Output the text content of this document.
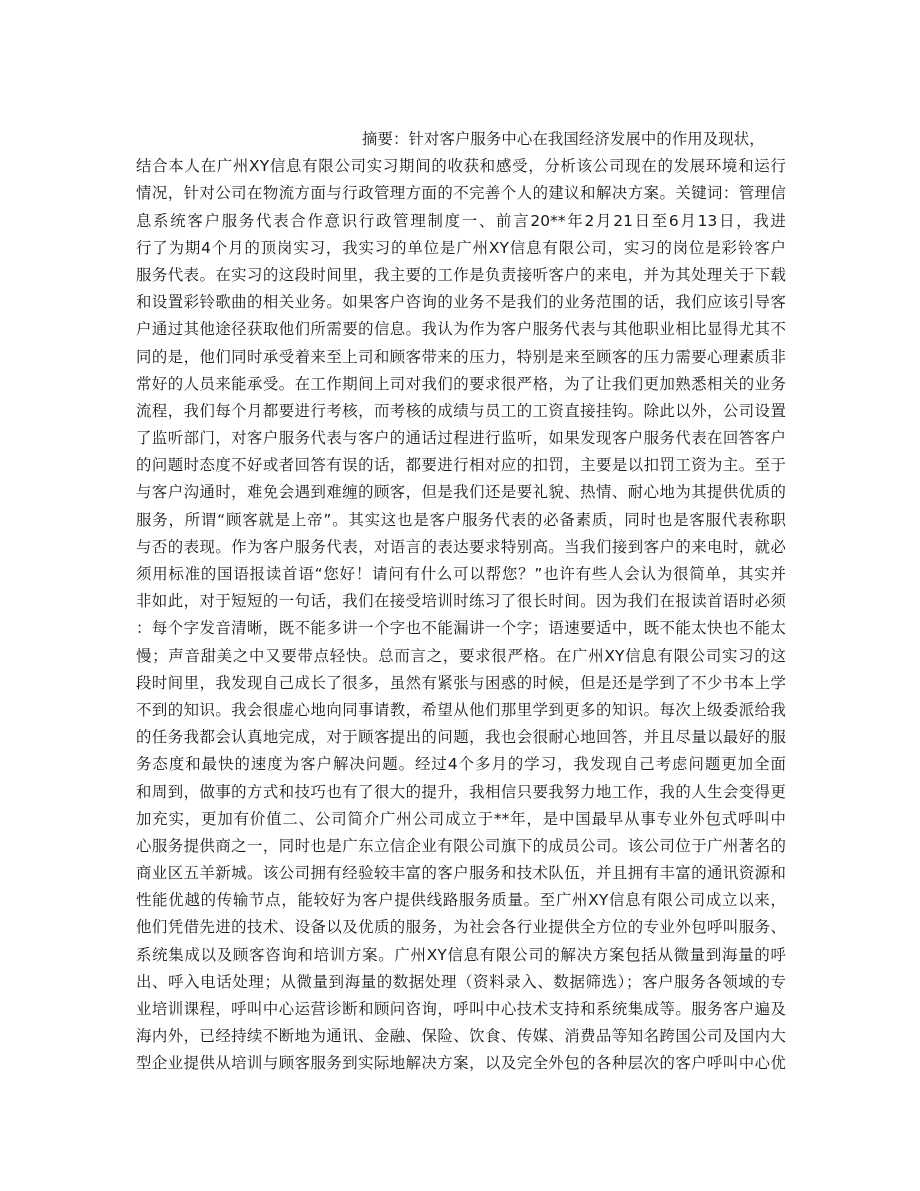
摘要：针对客户服务中心在我国经济发展中的作用及现状，
结合本人在广州XY信息有限公司实习期间的收获和感受，分析该公司现在的发展环境和运行
情况，针对公司在物流方面与行政管理方面的不完善个人的建议和解决方案。关键词：管理信
息系统客户服务代表合作意识行政管理制度一、前言20**年2月21日至6月13日，我进
行了为期4个月的顶岗实习，我实习的单位是广州XY信息有限公司，实习的岗位是彩铃客户
服务代表。在实习的这段时间里，我主要的工作是负责接听客户的来电，并为其处理关于下载
和设置彩铃歌曲的相关业务。如果客户咨询的业务不是我们的业务范围的话，我们应该引导客
户通过其他途径获取他们所需要的信息。我认为作为客户服务代表与其他职业相比显得尤其不
同的是，他们同时承受着来至上司和顾客带来的压力，特别是来至顾客的压力需要心理素质非
常好的人员来能承受。在工作期间上司对我们的要求很严格，为了让我们更加熟悉相关的业务
流程，我们每个月都要进行考核，而考核的成绩与员工的工资直接挂钩。除此以外，公司设置
了监听部门，对客户服务代表与客户的通话过程进行监听，如果发现客户服务代表在回答客户
的问题时态度不好或者回答有误的话，都要进行相对应的扣罚，主要是以扣罚工资为主。至于
与客户沟通时，难免会遇到难缠的顾客，但是我们还是要礼貌、热情、耐心地为其提供优质的
服务，所谓“顾客就是上帝”。其实这也是客户服务代表的必备素质，同时也是客服代表称职
与否的表现。作为客户服务代表，对语言的表达要求特别高。当我们接到客户的来电时，就必
须用标准的国语报读首语“您好！请问有什么可以帮您？”也许有些人会认为很简单，其实并
非如此，对于短短的一句话，我们在接受培训时练习了很长时间。因为我们在报读首语时必须
：每个字发音清晰，既不能多讲一个字也不能漏讲一个字；语速要适中，既不能太快也不能太
慢；声音甜美之中又要带点轻快。总而言之，要求很严格。在广州XY信息有限公司实习的这
段时间里，我发现自己成长了很多，虽然有紧张与困惑的时候，但是还是学到了不少书本上学
不到的知识。我会很虚心地向同事请教，希望从他们那里学到更多的知识。每次上级委派给我
的任务我都会认真地完成，对于顾客提出的问题，我也会很耐心地回答，并且尽量以最好的服
务态度和最快的速度为客户解决问题。经过4个多月的学习，我发现自己考虑问题更加全面
和周到，做事的方式和技巧也有了很大的提升，我相信只要我努力地工作，我的人生会变得更
加充实，更加有价值二、公司简介广州公司成立于**年，是中国最早从事专业外包式呼叫中
心服务提供商之一，同时也是广东立信企业有限公司旗下的成员公司。该公司位于广州著名的
商业区五羊新城。该公司拥有经验较丰富的客户服务和技术队伍，并且拥有丰富的通讯资源和
性能优越的传输节点，能较好为客户提供线路服务质量。至广州XY信息有限公司成立以来，
他们凭借先进的技术、设备以及优质的服务，为社会各行业提供全方位的专业外包呼叫服务、
系统集成以及顾客咨询和培训方案。广州XY信息有限公司的解决方案包括从微量到海量的呼
出、呼入电话处理；从微量到海量的数据处理（资料录入、数据筛选）；客户服务各领域的专
业培训课程，呼叫中心运营诊断和顾问咨询，呼叫中心技术支持和系统集成等。服务客户遍及
海内外，已经持续不断地为通讯、金融、保险、饮食、传媒、消费品等知名跨国公司及国内大
型企业提供从培训与顾客服务到实际地解决方案，以及完全外包的各种层次的客户呼叫中心优
